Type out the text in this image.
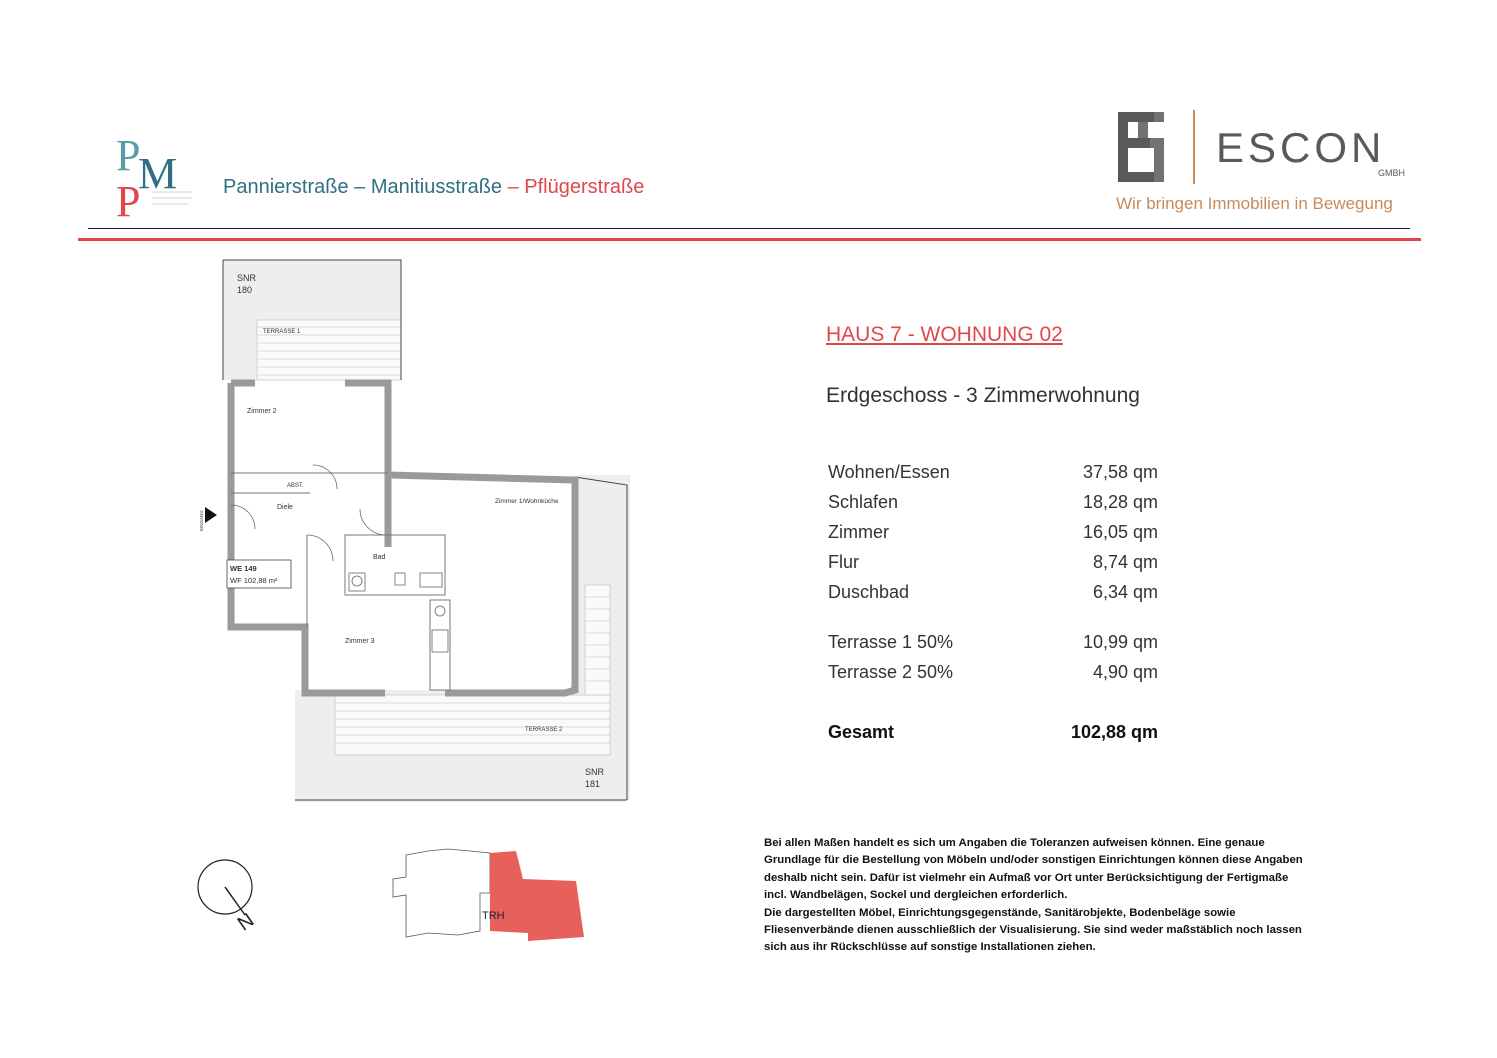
P
M
P	Pannierstraße – Manitiusstraße – Pflügerstraße
ESCON
GMBH
Wir bringen Immobilien in Bewegung
SNR
180
TERRASSE 1
Zimmer 2
ABST.
Diele
Bad
Zimmer 3
Zimmer 1/Wohnküche
TERRASSE 2
SNR
181
EINGANG
WE 149
WF 102,88 m²
HAUS 7 - WOHNUNG 02
Erdgeschoss - 3 Zimmerwohnung
Wohnen/Essen	37,58 qm
Schlafen	18,28 qm
Zimmer	16,05 qm
Flur	8,74 qm
Duschbad	6,34 qm
Terrasse 1 50%	10,99 qm
Terrasse 2 50%	4,90 qm
Gesamt	102,88 qm
N	TRH

Bei allen Maßen handelt es sich um Angaben die Toleranzen aufweisen können. Eine genaue

Grundlage für die Bestellung von Möbeln und/oder sonstigen Einrichtungen können diese Angaben

deshalb nicht sein. Dafür ist vielmehr ein Aufmaß vor Ort unter Berücksichtigung der Fertigmaße

incl. Wandbelägen, Sockel und dergleichen erforderlich.

Die dargestellten Möbel, Einrichtungsgegenstände, Sanitärobjekte, Bodenbeläge sowie

Fliesenverbände dienen ausschließlich der Visualisierung. Sie sind weder maßstäblich noch lassen

sich aus ihr Rückschlüsse auf sonstige Installationen ziehen.
